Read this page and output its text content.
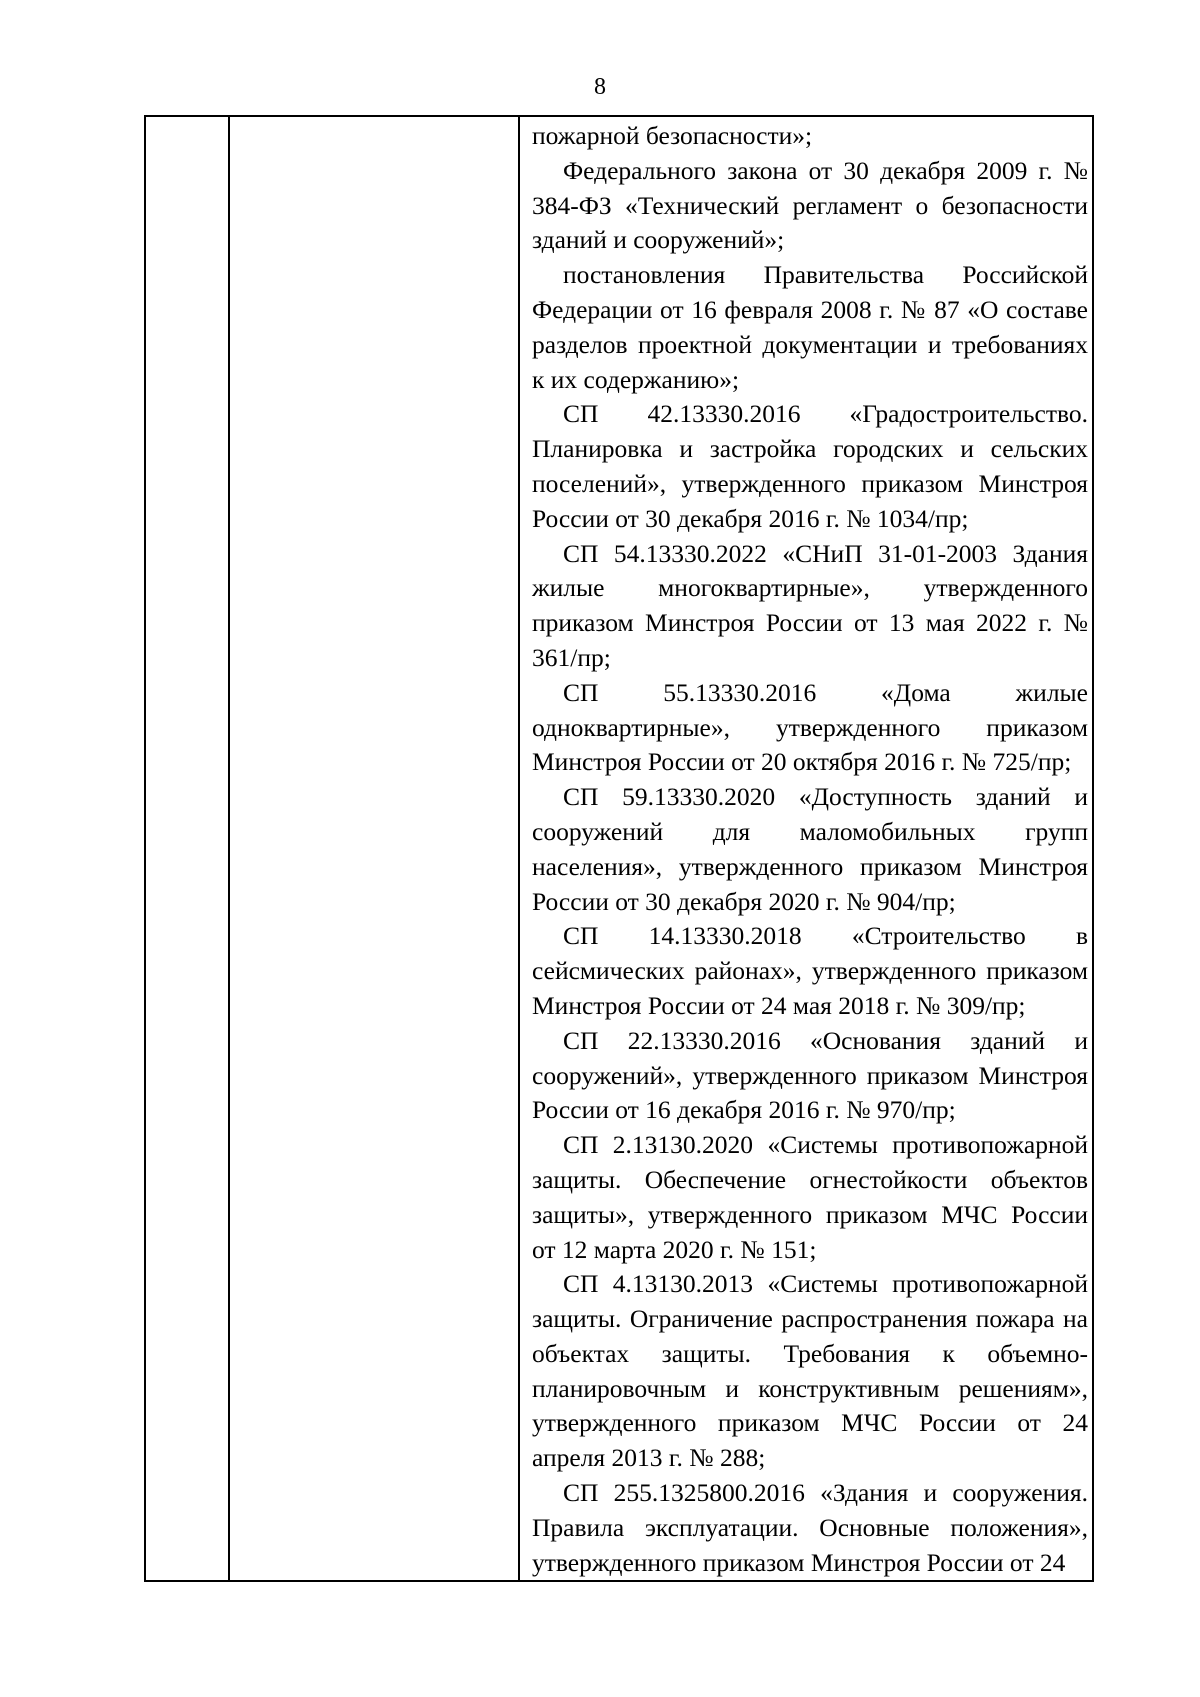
8

пожарной безопасности»;

Федерального закона от 30 декабря 2009 г. № 384-ФЗ «Технический регламент о безопасности зданий и сооружений»;

постановления Правительства Российской Федерации от 16 февраля 2008 г. № 87 «О составе разделов проектной документации и требованиях к их содержанию»;

СП 42.13330.2016 «Градостроительство. Планировка и застройка городских и сельских поселений», утвержденного приказом Минстроя России от 30 декабря 2016 г. № 1034/пр;

СП 54.13330.2022 «СНиП 31-01-2003 Здания жилые многоквартирные», утвержденного приказом Минстроя России от 13 мая 2022 г. № 361/пр;

СП 55.13330.2016 «Дома жилые одноквартирные», утвержденного приказом Минстроя России от 20 октября 2016 г. № 725/пр;

СП 59.13330.2020 «Доступность зданий и сооружений для маломобильных групп населения», утвержденного приказом Минстроя России от 30 декабря 2020 г. № 904/пр;

СП 14.13330.2018 «Строительство в сейсмических районах», утвержденного приказом Минстроя России от 24 мая 2018 г. № 309/пр;

СП 22.13330.2016 «Основания зданий и сооружений», утвержденного приказом Минстроя России от 16 декабря 2016 г. № 970/пр;

СП 2.13130.2020 «Системы противопожарной защиты. Обеспечение огнестойкости объектов защиты», утвержденного приказом МЧС России от 12 марта 2020 г. № 151;

СП 4.13130.2013 «Системы противопожарной защиты. Ограничение распространения пожара на объектах защиты. Требования к объемно-планировочным и конструктивным решениям», утвержденного приказом МЧС России от 24 апреля 2013 г. № 288;

СП 255.1325800.2016 «Здания и сооружения. Правила эксплуатации. Основные положения», утвержденного приказом Минстроя России от 24
